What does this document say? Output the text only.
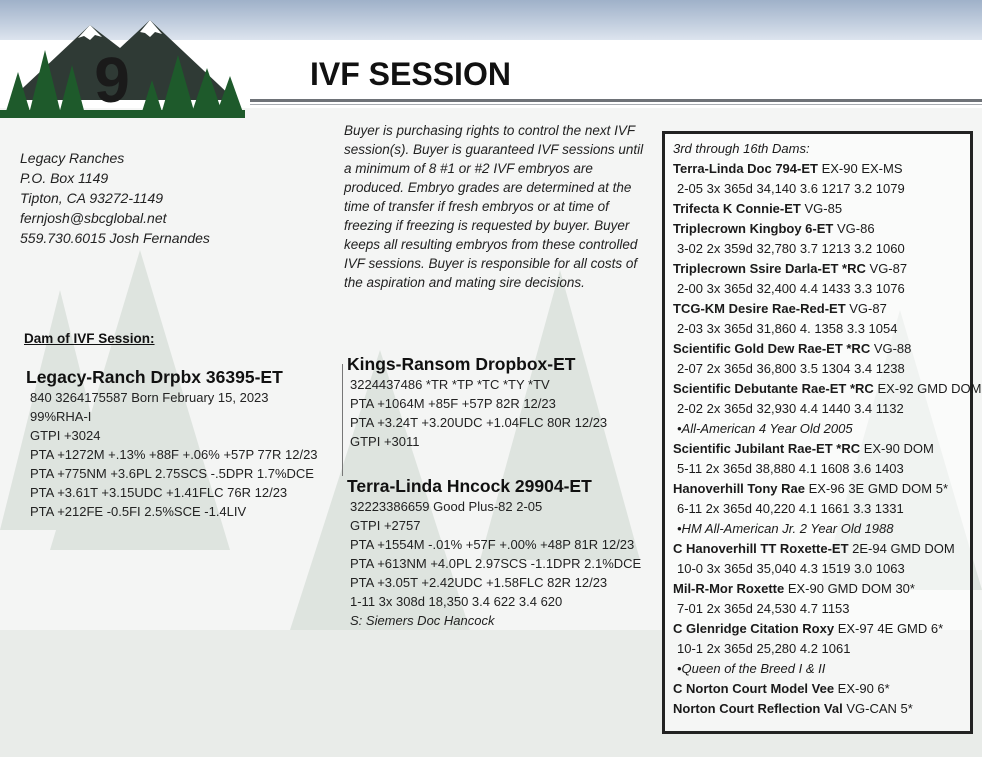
9	IVF SESSION
Legacy Ranches
P.O. Box 1149
Tipton, CA 93272-1149
fernjosh@sbcglobal.net
559.730.6015 Josh Fernandes
Buyer is purchasing rights to control the next IVF session(s). Buyer is guaranteed IVF sessions until a minimum of 8 #1 or #2 IVF embryos are produced. Embryo grades are determined at the time of transfer if fresh embryos or at time of freezing if freezing is requested by buyer. Buyer keeps all resulting embryos from these controlled IVF sessions. Buyer is responsible for all costs of the aspiration and mating sire decisions.
Dam of IVF Session:
Legacy-Ranch Drpbx 36395-ET
840 3264175587 Born February 15, 2023
99%RHA-I
GTPI +3024
PTA +1272M +.13% +88F +.06% +57P 77R 12/23
PTA +775NM +3.6PL 2.75SCS -.5DPR 1.7%DCE
PTA +3.61T +3.15UDC +1.41FLC 76R 12/23
PTA +212FE -0.5FI 2.5%SCE -1.4LIV
Kings-Ransom Dropbox-ET
3224437486 *TR *TP *TC *TY *TV
PTA +1064M +85F +57P 82R 12/23
PTA +3.24T +3.20UDC +1.04FLC 80R 12/23
GTPI +3011
Terra-Linda Hncock 29904-ET
32223386659 Good Plus-82 2-05
GTPI +2757
PTA +1554M -.01% +57F +.00% +48P 81R 12/23
PTA +613NM +4.0PL 2.97SCS -1.1DPR 2.1%DCE
PTA +3.05T +2.42UDC +1.58FLC 82R 12/23
1-11 3x 308d 18,350 3.4 622 3.4 620
S: Siemers Doc Hancock
3rd through 16th Dams:
Terra-Linda Doc 794-ET EX-90 EX-MS
2-05 3x 365d 34,140 3.6 1217 3.2 1079
Trifecta K Connie-ET VG-85
Triplecrown Kingboy 6-ET VG-86
3-02 2x 359d 32,780 3.7 1213 3.2 1060
Triplecrown Ssire Darla-ET *RC VG-87
2-00 3x 365d 32,400 4.4 1433 3.3 1076
TCG-KM Desire Rae-Red-ET VG-87
2-03 3x 365d 31,860 4. 1358 3.3 1054
Scientific Gold Dew Rae-ET *RC VG-88
2-07 2x 365d 36,800 3.5 1304 3.4 1238
Scientific Debutante Rae-ET *RC EX-92 GMD DOM
2-02 2x 365d 32,930 4.4 1440 3.4 1132
•All-American 4 Year Old 2005
Scientific Jubilant Rae-ET *RC EX-90 DOM
5-11 2x 365d 38,880 4.1 1608 3.6 1403
Hanoverhill Tony Rae EX-96 3E GMD DOM 5*
6-11 2x 365d 40,220 4.1 1661 3.3 1331
•HM All-American Jr. 2 Year Old 1988
C Hanoverhill TT Roxette-ET 2E-94 GMD DOM
10-0 3x 365d 35,040 4.3 1519 3.0 1063
Mil-R-Mor Roxette EX-90 GMD DOM 30*
7-01 2x 365d 24,530 4.7 1153
C Glenridge Citation Roxy EX-97 4E GMD 6*
10-1 2x 365d 25,280 4.2 1061
•Queen of the Breed I & II
C Norton Court Model Vee EX-90 6*
Norton Court Reflection Val VG-CAN 5*
